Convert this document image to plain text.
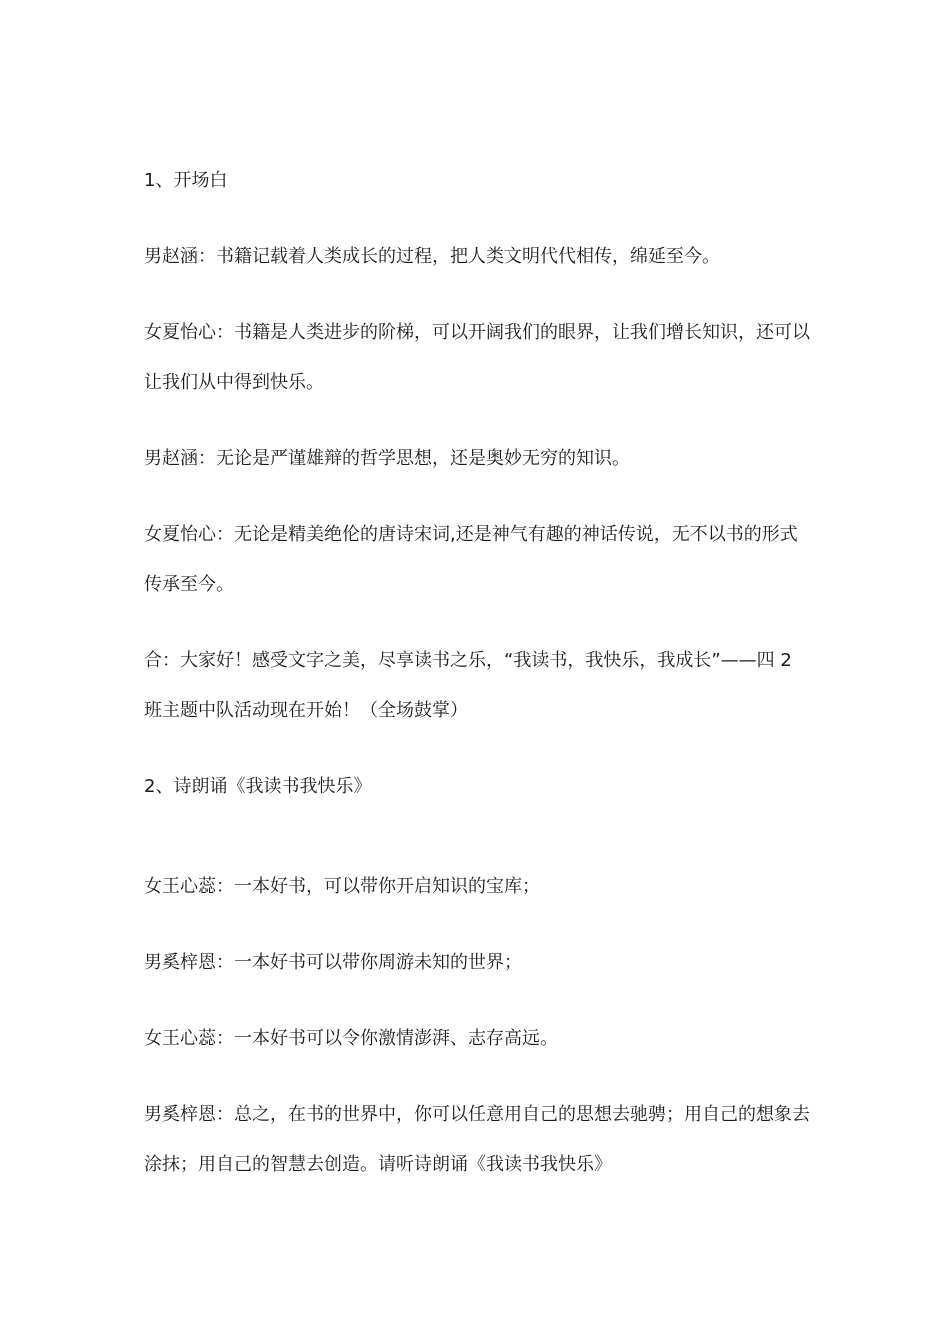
1、开场白

男赵涵：书籍记载着人类成长的过程，把人类文明代代相传，绵延至今。

女夏怡心：书籍是人类进步的阶梯，可以开阔我们的眼界，让我们增长知识，还可以让我们从中得到快乐。

男赵涵：无论是严谨雄辩的哲学思想，还是奥妙无穷的知识。

女夏怡心：无论是精美绝伦的唐诗宋词,还是神气有趣的神话传说，无不以书的形式传承至今。

合：大家好！感受文字之美，尽享读书之乐，“我读书，我快乐，我成长”——四 2 班主题中队活动现在开始！（全场鼓掌）

2、诗朗诵《我读书我快乐》

女王心蕊：一本好书，可以带你开启知识的宝库；

男奚梓恩：一本好书可以带你周游未知的世界；

女王心蕊：一本好书可以令你激情澎湃、志存高远。

男奚梓恩：总之，在书的世界中，你可以任意用自己的思想去驰骋；用自己的想象去涂抹；用自己的智慧去创造。请听诗朗诵《我读书我快乐》
